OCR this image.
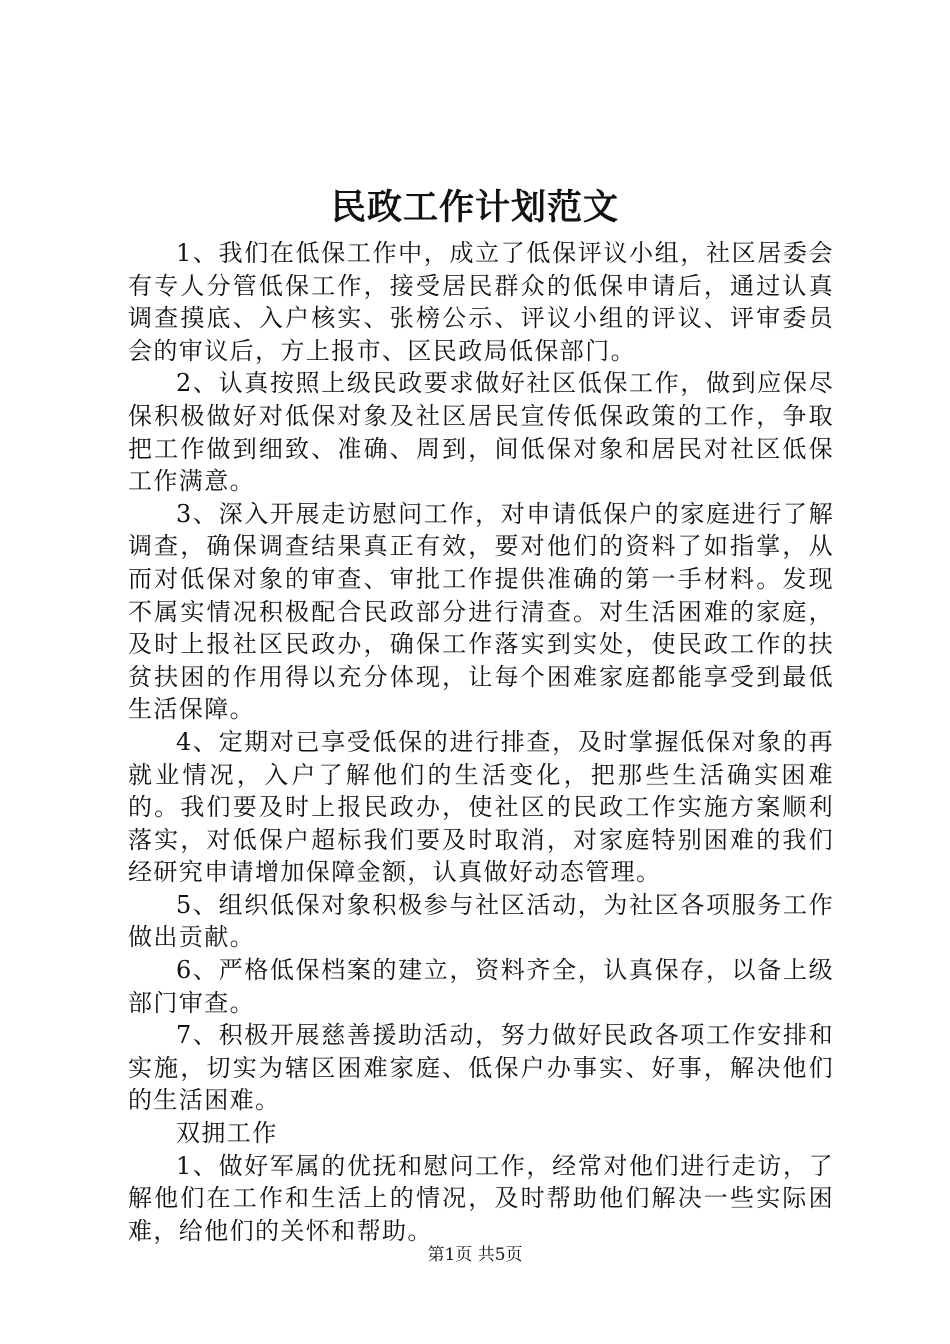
民政工作计划范文

1、我们在低保工作中，成立了低保评议小组，社区居委会有专人分管低保工作，接受居民群众的低保申请后，通过认真调查摸底、入户核实、张榜公示、评议小组的评议、评审委员会的审议后，方上报市、区民政局低保部门。

2、认真按照上级民政要求做好社区低保工作，做到应保尽保积极做好对低保对象及社区居民宣传低保政策的工作，争取把工作做到细致、准确、周到，间低保对象和居民对社区低保工作满意。

3、深入开展走访慰问工作，对申请低保户的家庭进行了解调查，确保调查结果真正有效，要对他们的资料了如指掌，从而对低保对象的审查、审批工作提供准确的第一手材料。发现不属实情况积极配合民政部分进行清查。对生活困难的家庭，及时上报社区民政办，确保工作落实到实处，使民政工作的扶贫扶困的作用得以充分体现，让每个困难家庭都能享受到最低生活保障。

4、定期对已享受低保的进行排查，及时掌握低保对象的再就业情况，入户了解他们的生活变化，把那些生活确实困难的。我们要及时上报民政办，使社区的民政工作实施方案顺利落实，对低保户超标我们要及时取消，对家庭特别困难的我们经研究申请增加保障金额，认真做好动态管理。

5、组织低保对象积极参与社区活动，为社区各项服务工作做出贡献。

6、严格低保档案的建立，资料齐全，认真保存，以备上级部门审查。

7、积极开展慈善援助活动，努力做好民政各项工作安排和实施，切实为辖区困难家庭、低保户办事实、好事，解决他们的生活困难。

双拥工作

1、做好军属的优抚和慰问工作，经常对他们进行走访，了解他们在工作和生活上的情况，及时帮助他们解决一些实际困难，给他们的关怀和帮助。

第1页 共5页
